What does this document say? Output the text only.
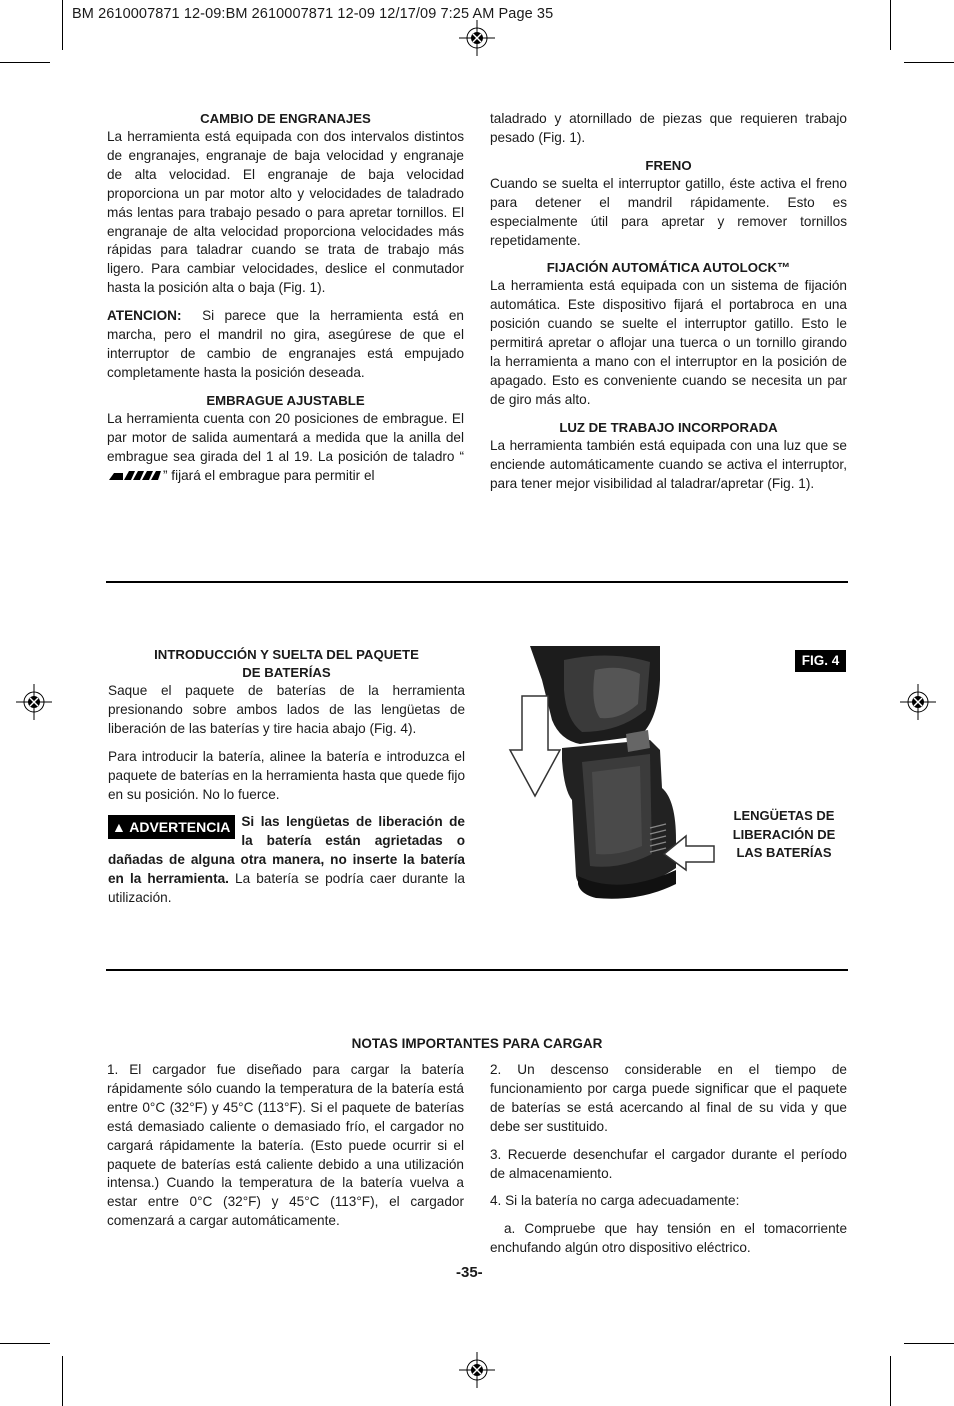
BM 2610007871 12-09:BM 2610007871 12-09 12/17/09 7:25 AM Page 35
CAMBIO DE ENGRANAJES

La herramienta está equipada con dos intervalos distintos de engranajes, engranaje de baja velocidad y engranaje de alta velocidad. El engranaje de baja velocidad proporciona un par motor alto y velocidades de taladrado más lentas para trabajo pesado o para apretar tornillos. El engranaje de alta velocidad proporciona velocidades más rápidas para taladrar cuando se trata de trabajo más ligero. Para cambiar velocidades, deslice el conmutador hasta la posición alta o baja (Fig. 1).

ATENCION: Si parece que la herramienta está en marcha, pero el mandril no gira, asegúrese de que el interruptor de cambio de engranajes está empujado completamente hasta la posición deseada.

EMBRAGUE AJUSTABLE

La herramienta cuenta con 20 posiciones de embrague. El par motor de salida aumentará a medida que la anilla del embrague sea girada del 1 al 19. La posición de taladro “” fijará el embrague para permitir el

taladrado y atornillado de piezas que requieren trabajo pesado (Fig. 1).

FRENO

Cuando se suelta el interruptor gatillo, éste activa el freno para detener el mandril rápidamente. Esto es especialmente útil para apretar y remover tornillos repetidamente.

FIJACIÓN AUTOMÁTICA AUTOLOCK™

La herramienta está equipada con un sistema de fijación automática. Este dispositivo fijará el portabroca en una posición cuando se suelte el interruptor gatillo. Esto le permitirá apretar o aflojar una tuerca o un tornillo girando la herramienta a mano con el interruptor en la posición de apagado. Esto es conveniente cuando se necesita un par de giro más alto.

LUZ DE TRABAJO INCORPORADA

La herramienta también está equipada con una luz que se enciende automáticamente cuando se activa el interruptor, para tener mejor visibilidad al taladrar/apretar (Fig. 1).

INTRODUCCIÓN Y SUELTA DEL PAQUETE
DE BATERÍAS

Saque el paquete de baterías de la herramienta presionando sobre ambos lados de las lengüetas de liberación de las baterías y tire hacia abajo (Fig. 4).

Para introducir la batería, alinee la batería e introduzca el paquete de baterías en la herramienta hasta que quede fijo en su posición. No lo fuerce.

▲ ADVERTENCIA Si las lengüetas de liberación de la batería están agrietadas o dañadas de alguna otra manera, no inserte la batería en la herramienta. La batería se podría caer durante la utilización.

FIG. 4
LENGÜETAS DE
LIBERACIÓN DE
LAS BATERÍAS
NOTAS IMPORTANTES PARA CARGAR

1. El cargador fue diseñado para cargar la batería rápidamente sólo cuando la temperatura de la batería está entre 0°C (32°F) y 45°C (113°F). Si el paquete de baterías está demasiado caliente o demasiado frío, el cargador no cargará rápidamente la batería. (Esto puede ocurrir si el paquete de baterías está caliente debido a una utilización intensa.) Cuando la temperatura de la batería vuelva a estar entre 0°C (32°F) y 45°C (113°F), el cargador comenzará a cargar automáticamente.

2. Un descenso considerable en el tiempo de funcionamiento por carga puede significar que el paquete de baterías se está acercando al final de su vida y que debe ser sustituido.

3. Recuerde desenchufar el cargador durante el período de almacenamiento.

4. Si la batería no carga adecuadamente:

a. Compruebe que hay tensión en el tomacorriente enchufando algún otro dispositivo eléctrico.

-35-
